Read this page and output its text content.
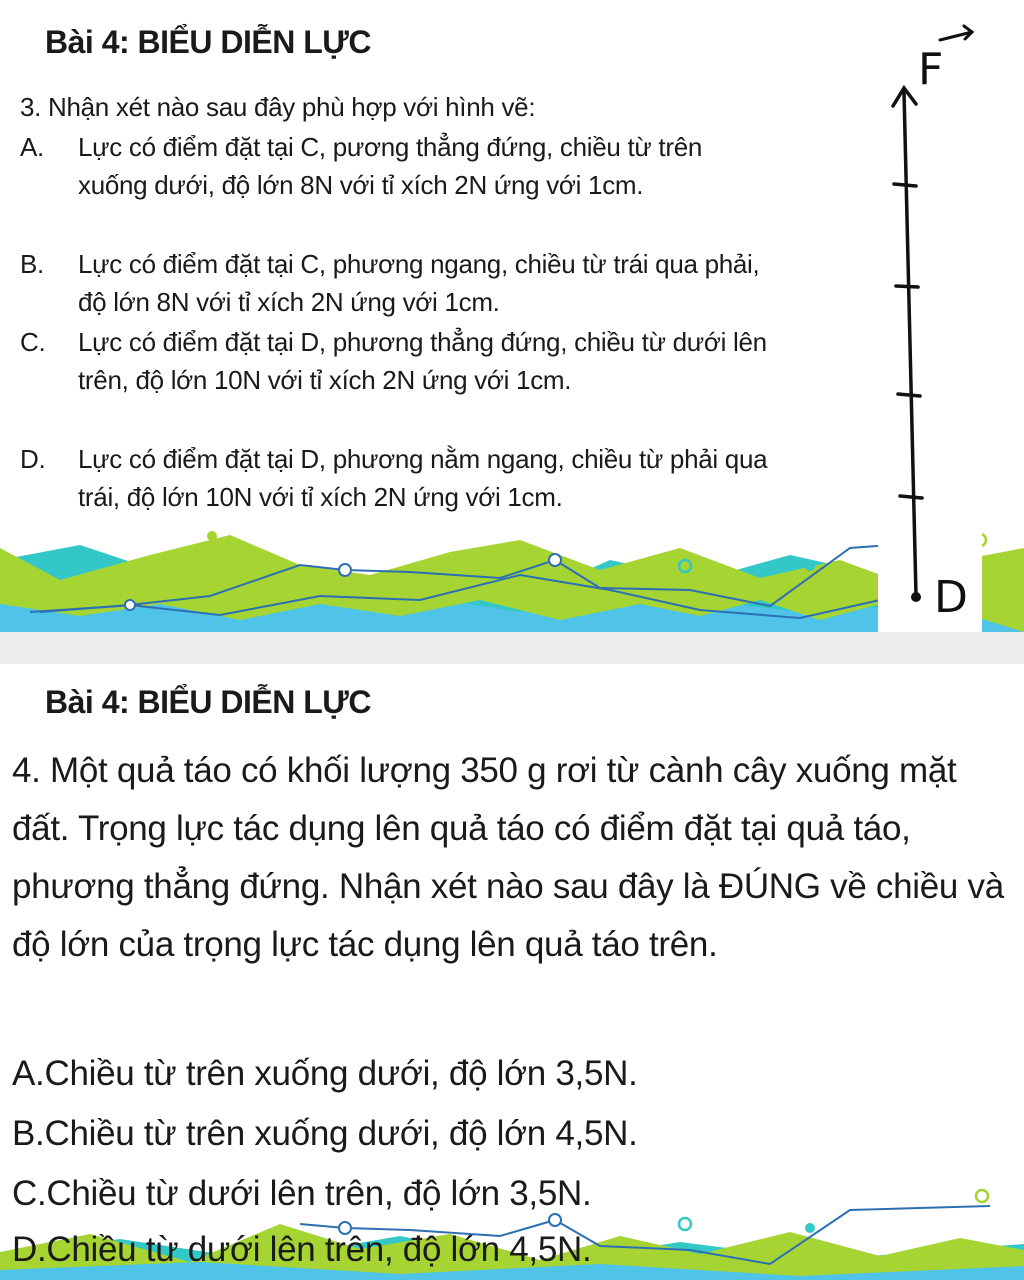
Bài 4: BIỂU DIỄN LỰC
3. Nhận xét nào sau đây phù hợp với hình vẽ:
A. Lực có điểm đặt tại C, pương thẳng đứng, chiều từ trên xuống dưới, độ lớn 8N với tỉ xích 2N ứng với 1cm.
B. Lực có điểm đặt tại C, phương ngang, chiều từ trái qua phải, độ lớn 8N với tỉ xích 2N ứng với 1cm.
C. Lực có điểm đặt tại D, phương thẳng đứng, chiều từ dưới lên trên, độ lớn 10N với tỉ xích 2N ứng với 1cm.
D. Lực có điểm đặt tại D, phương nằm ngang, chiều từ phải qua trái, độ lớn 10N với tỉ xích 2N ứng với 1cm.
F
D
Bài 4: BIỂU DIỄN LỰC
4. Một quả táo có khối lượng 350 g rơi từ cành cây xuống mặt đất. Trọng lực tác dụng lên quả táo có điểm đặt tại quả táo, phương thẳng đứng. Nhận xét nào sau đây là ĐÚNG về chiều và độ lớn của trọng lực tác dụng lên quả táo trên.
A.Chiều từ trên xuống dưới, độ lớn 3,5N.
B.Chiều từ trên xuống dưới, độ lớn 4,5N.
C.Chiều từ dưới lên trên, độ lớn 3,5N.
D.Chiều từ dưới lên trên, độ lớn 4,5N.
